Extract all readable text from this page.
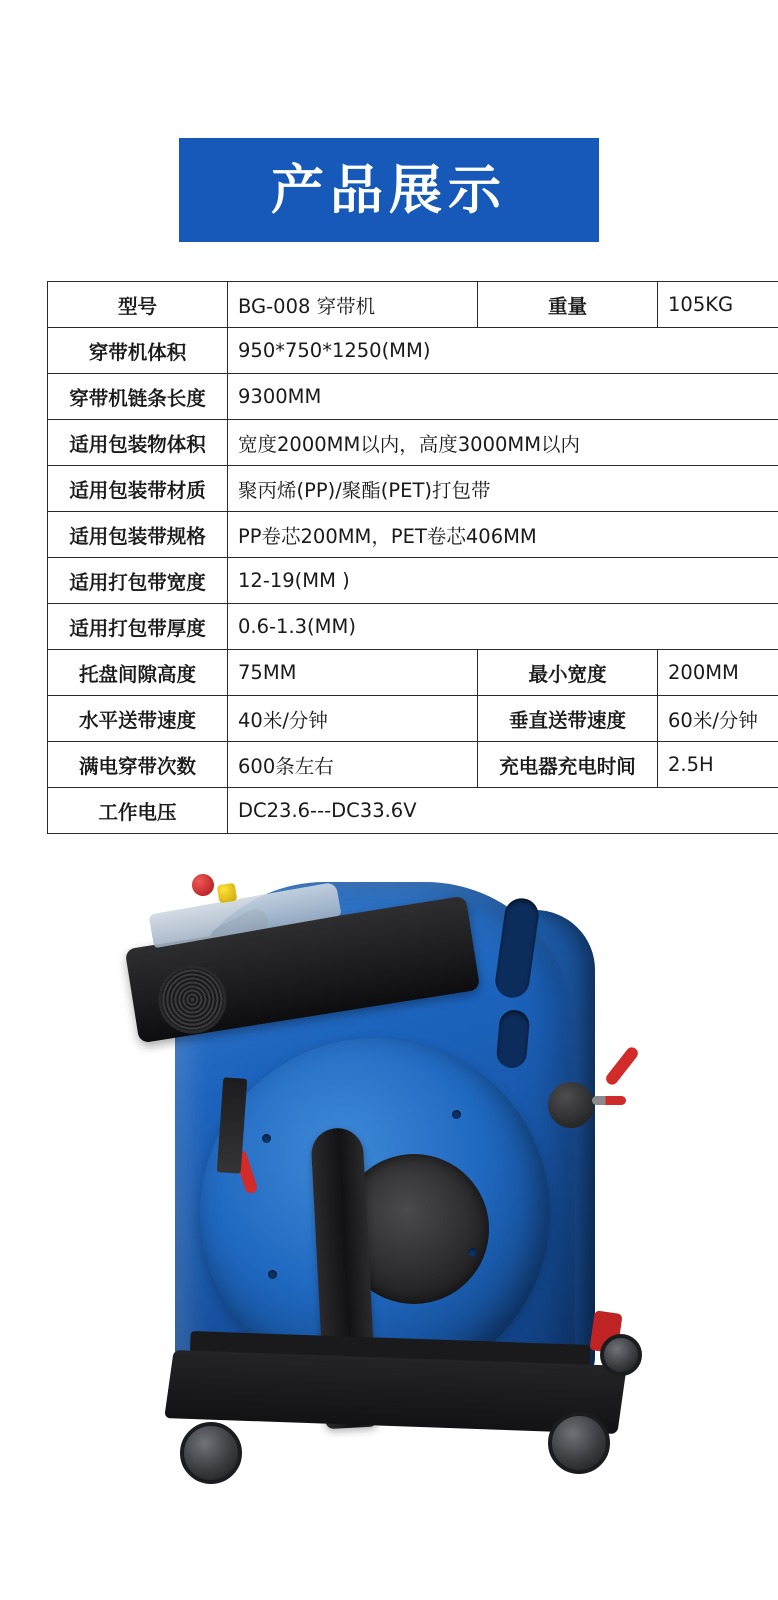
产品展示
型号	BG-008 穿带机	重量	105KG
穿带机体积	950*750*1250(MM)		
穿带机链条长度	9300MM		
适用包装物体积	宽度2000MM以内，高度3000MM以内		
适用包装带材质	聚丙烯(PP)/聚酯(PET)打包带		
适用包装带规格	PP卷芯200MM，PET卷芯406MM		
适用打包带宽度	12-19(MM )		
适用打包带厚度	0.6-1.3(MM)		
托盘间隙高度	75MM	最小宽度	200MM
水平送带速度	40米/分钟	垂直送带速度	60米/分钟
满电穿带次数	600条左右	充电器充电时间	2.5H
工作电压	DC23.6---DC33.6V		
